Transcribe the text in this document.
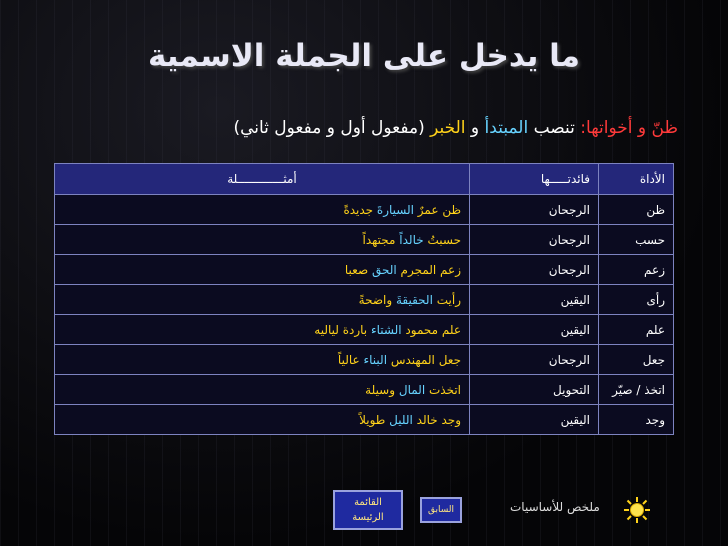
ما يدخل على الجملة الاسمية
ظنّ و أخواتها: تنصب المبتدأ و الخبر (مفعول أول و مفعول ثاني)
الأداة	فائدتـــــها	أمثـــــــــــــلة
ظن	الرجحان	ظن عمرٌ السيارةَ جديدةً
حسب	الرجحان	حسبتُ خالداً مجتهداً
زعم	الرجحان	زعم المجرم الحق صعبا
رأى	اليقين	رأيت الحقيقةَ واضحةً
علم	اليقين	علم محمود الشتاء باردة لياليه
جعل	الرجحان	جعل المهندس البناء عالياً
اتخذ / صيّر	التحويل	اتخذت المال وسيلة
وجد	اليقين	وجد خالد الليل طويلاً
القائمة
الرئيسة
السابق	ملخص للأساسيات
